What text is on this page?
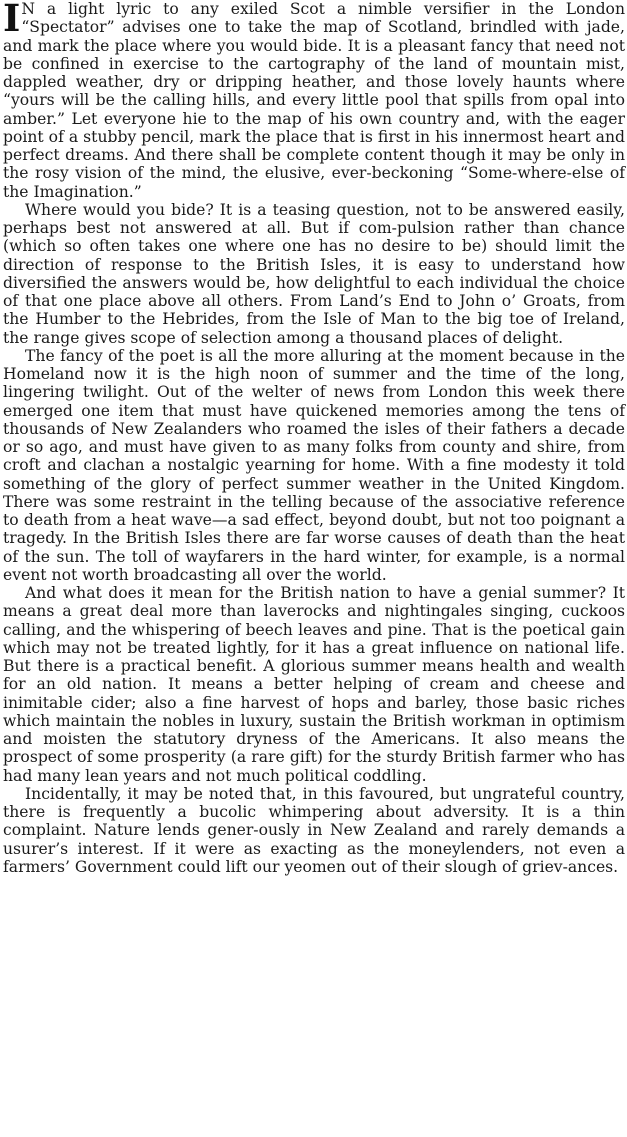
I N a light lyric to any exiled Scot a nimble versifier in the London “Spectator” advises one to take the map of Scotland, brindled with jade, and mark the place where you would bide. It is a pleasant fancy that need not be confined in exercise to the cartography of the land of mountain mist, dappled weather, dry or dripping heather, and those lovely haunts where “yours will be the calling hills, and every little pool that spills from opal into amber.” Let everyone hie to the map of his own country and, with the eager point of a stubby pencil, mark the place that is first in his innermost heart and perfect dreams. And there shall be complete content though it may be only in the rosy vision of the mind, the elusive, ever-beckoning “Some-where-else of the Imagination.”

Where would you bide? It is a teasing question, not to be answered easily, perhaps best not answered at all. But if com-pulsion rather than chance (which so often takes one where one has no desire to be) should limit the direction of response to the British Isles, it is easy to understand how diversified the answers would be, how delightful to each individual the choice of that one place above all others. From Land’s End to John o’ Groats, from the Humber to the Hebrides, from the Isle of Man to the big toe of Ireland, the range gives scope of selection among a thousand places of delight.

The fancy of the poet is all the more alluring at the moment because in the Homeland now it is the high noon of summer and the time of the long, lingering twilight. Out of the welter of news from London this week there emerged one item that must have quickened memories among the tens of thousands of New Zealanders who roamed the isles of their fathers a decade or so ago, and must have given to as many folks from county and shire, from croft and clachan a nostalgic yearning for home. With a fine modesty it told something of the glory of perfect summer weather in the United Kingdom. There was some restraint in the telling because of the associative reference to death from a heat wave—a sad effect, beyond doubt, but not too poignant a tragedy. In the British Isles there are far worse causes of death than the heat of the sun. The toll of wayfarers in the hard winter, for example, is a normal event not worth broadcasting all over the world.

And what does it mean for the British nation to have a genial summer? It means a great deal more than laverocks and nightingales singing, cuckoos calling, and the whispering of beech leaves and pine. That is the poetical gain which may not be treated lightly, for it has a great influence on national life. But there is a practical benefit. A glorious summer means health and wealth for an old nation. It means a better helping of cream and cheese and inimitable cider; also a fine harvest of hops and barley, those basic riches which maintain the nobles in luxury, sustain the British workman in optimism and moisten the statutory dryness of the Americans. It also means the prospect of some prosperity (a rare gift) for the sturdy British farmer who has had many lean years and not much political coddling.

Incidentally, it may be noted that, in this favoured, but ungrateful country, there is frequently a bucolic whimpering about adversity. It is a thin complaint. Nature lends gener-ously in New Zealand and rarely demands a usurer’s interest. If it were as exacting as the moneylenders, not even a farmers’ Government could lift our yeomen out of their slough of griev-ances.
